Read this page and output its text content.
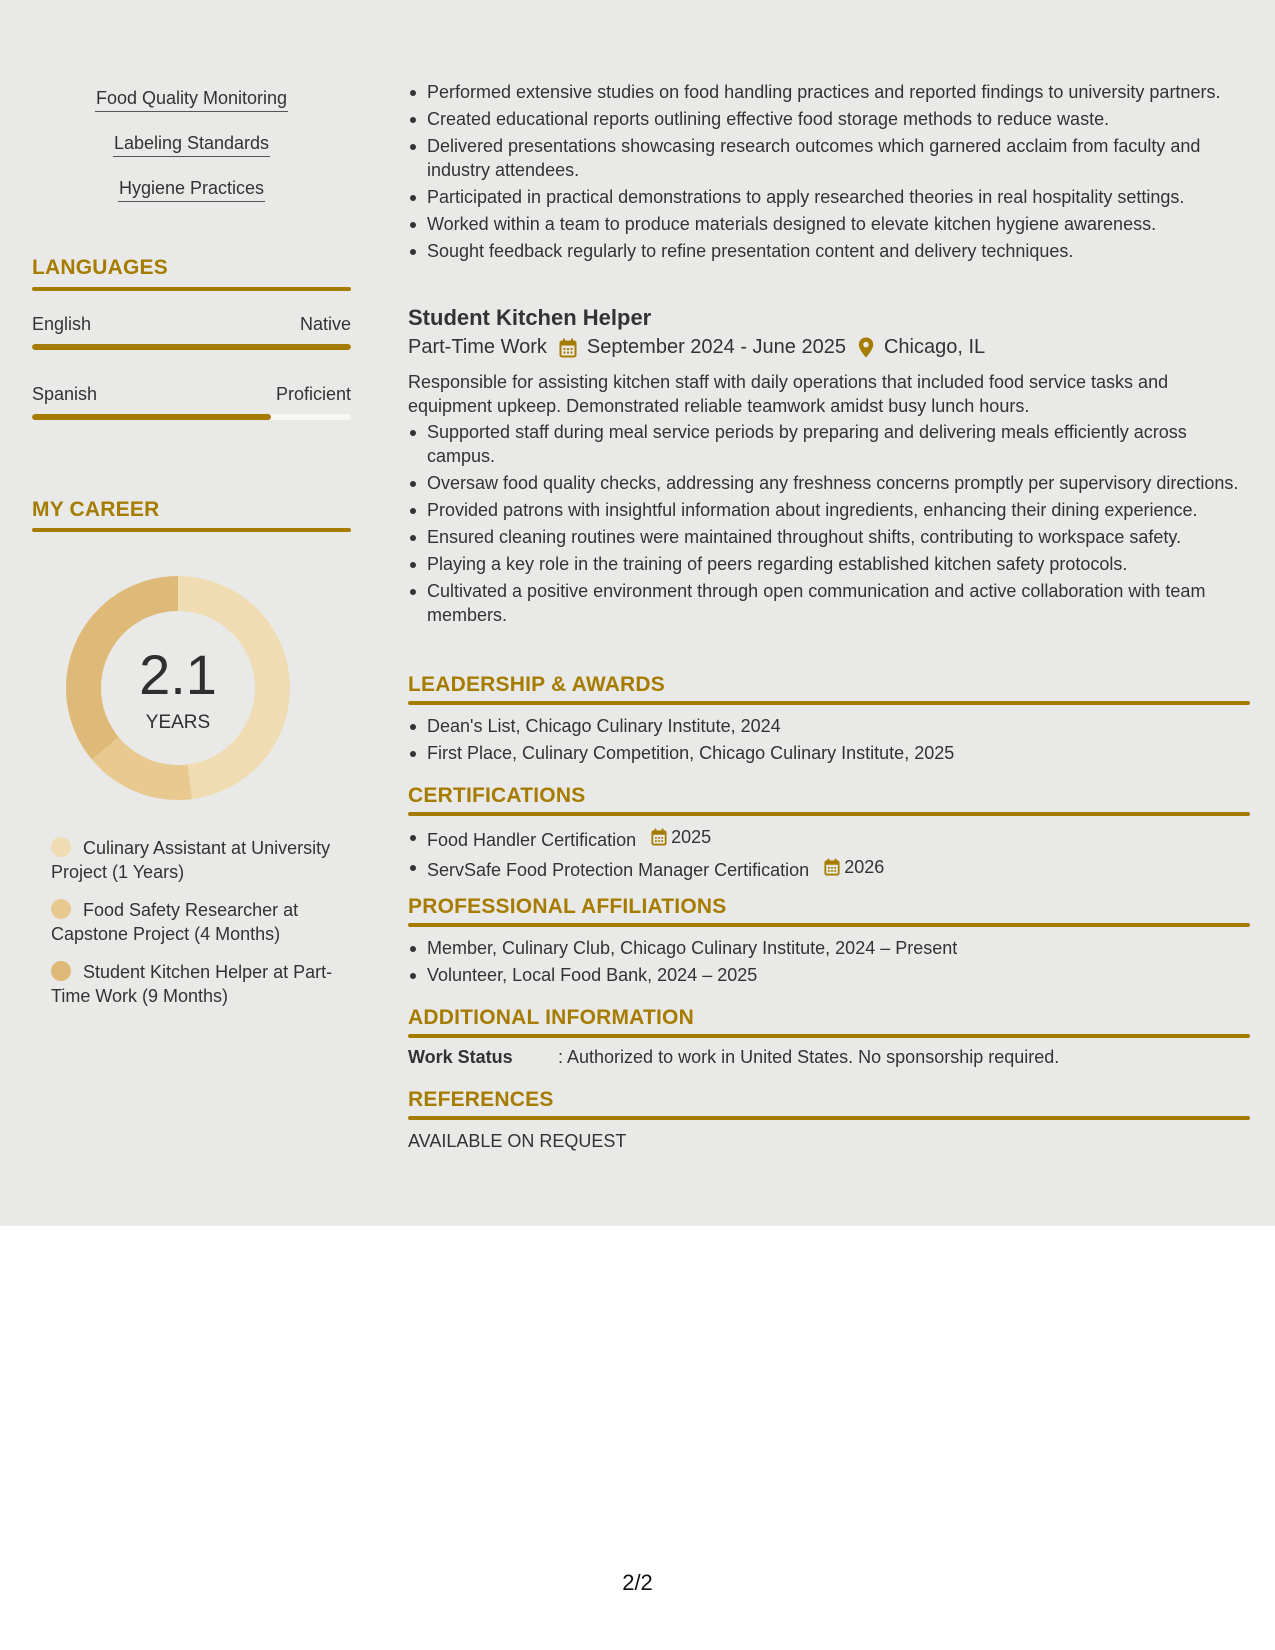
Food Quality Monitoring
Labeling Standards
Hygiene Practices
LANGUAGES
English	Native
Spanish	Proficient
MY CAREER
2.1
YEARS
Culinary Assistant at University Project (1 Years)
Food Safety Researcher at Capstone Project (4 Months)
Student Kitchen Helper at Part-Time Work (9 Months)
Performed extensive studies on food handling practices and reported findings to university partners.
Created educational reports outlining effective food storage methods to reduce waste.
Delivered presentations showcasing research outcomes which garnered acclaim from faculty and industry attendees.
Participated in practical demonstrations to apply researched theories in real hospitality settings.
Worked within a team to produce materials designed to elevate kitchen hygiene awareness.
Sought feedback regularly to refine presentation content and delivery techniques.
Student Kitchen Helper
Part-Time Work September 2024 - June 2025 Chicago, IL
Responsible for assisting kitchen staff with daily operations that included food service tasks and equipment upkeep. Demonstrated reliable teamwork amidst busy lunch hours.
Supported staff during meal service periods by preparing and delivering meals efficiently across campus.
Oversaw food quality checks, addressing any freshness concerns promptly per supervisory directions.
Provided patrons with insightful information about ingredients, enhancing their dining experience.
Ensured cleaning routines were maintained throughout shifts, contributing to workspace safety.
Playing a key role in the training of peers regarding established kitchen safety protocols.
Cultivated a positive environment through open communication and active collaboration with team members.
LEADERSHIP & AWARDS
Dean's List, Chicago Culinary Institute, 2024
First Place, Culinary Competition, Chicago Culinary Institute, 2025
CERTIFICATIONS
Food Handler Certification 2025
ServSafe Food Protection Manager Certification 2026
PROFESSIONAL AFFILIATIONS
Member, Culinary Club, Chicago Culinary Institute, 2024 – Present
Volunteer, Local Food Bank, 2024 – 2025
ADDITIONAL INFORMATION
Work Status	: Authorized to work in United States. No sponsorship required.
REFERENCES
AVAILABLE ON REQUEST
2/2
